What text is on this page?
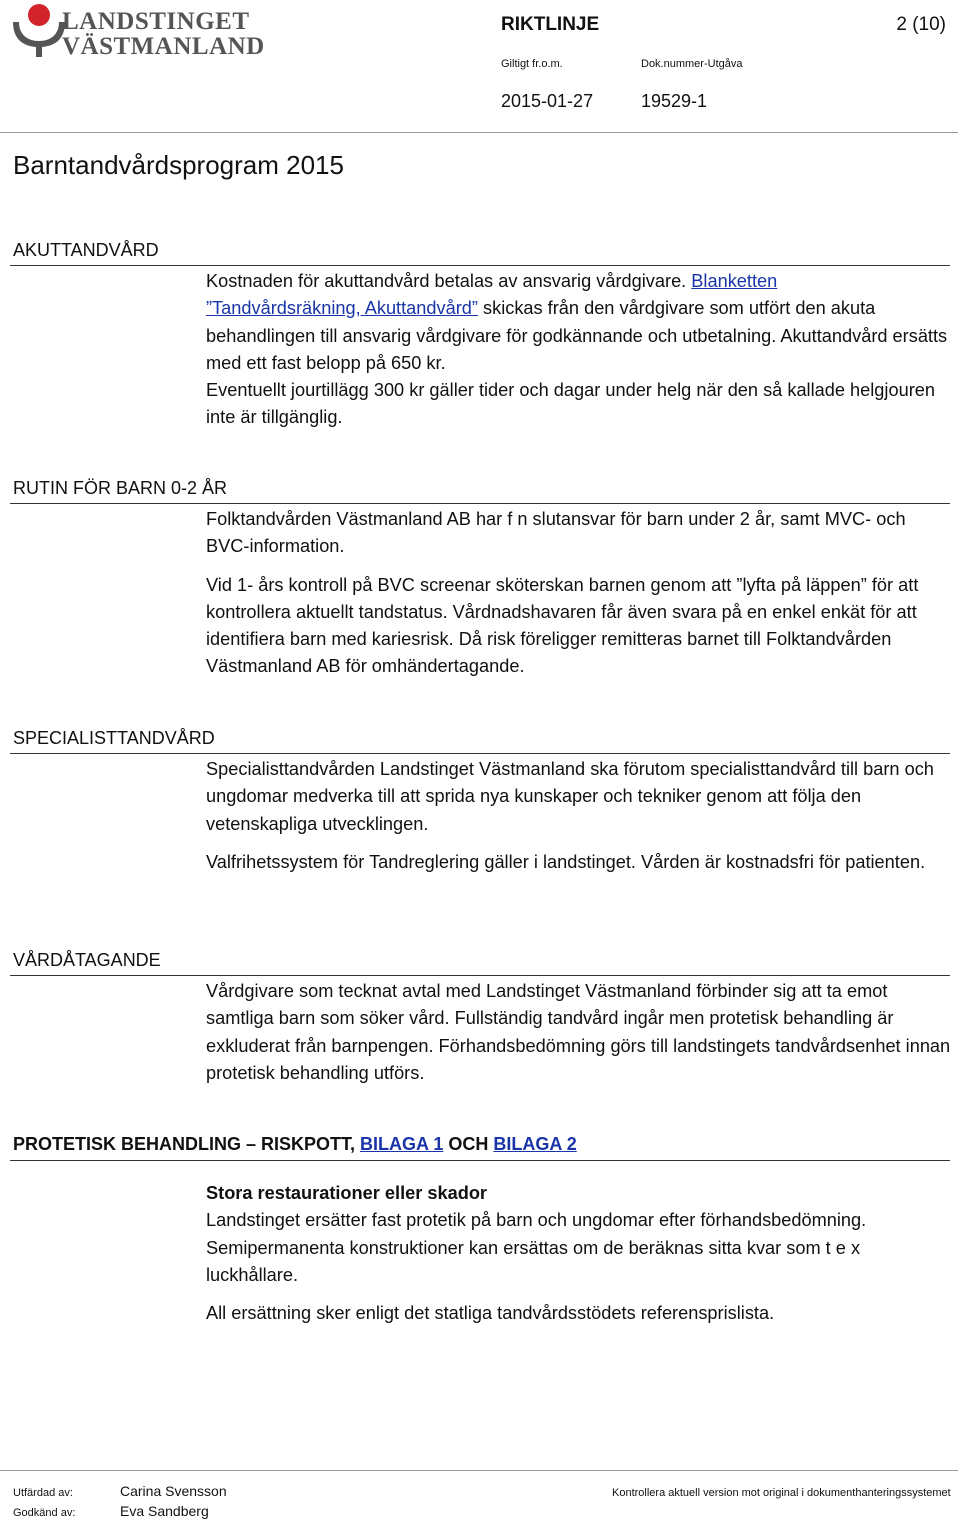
LANDSTINGET
VÄSTMANLAND
RIKTLINJE	2 (10)
Giltigt fr.o.m.	Dok.nummer-Utgåva
2015-01-27	19529-1
Barntandvårdsprogram 2015
AKUTTANDVÅRD

Kostnaden för akuttandvård betalas av ansvarig vårdgivare. Blanketten
”Tandvårdsräkning, Akuttandvård” skickas från den vårdgivare som utfört den akuta behandlingen till ansvarig vårdgivare för godkännande och utbetalning. Akuttandvård ersätts med ett fast belopp på 650 kr.

Eventuellt jourtillägg 300 kr gäller tider och dagar under helg när den så kallade helgjouren inte är tillgänglig.

RUTIN FÖR BARN 0-2 ÅR

Folktandvården Västmanland AB har f n slutansvar för barn under 2 år, samt MVC- och BVC-information.

Vid 1- års kontroll på BVC screenar sköterskan barnen genom att ”lyfta på läppen” för att kontrollera aktuellt tandstatus. Vårdnadshavaren får även svara på en enkel enkät för att identifiera barn med kariesrisk. Då risk föreligger remitteras barnet till Folktandvården Västmanland AB för omhändertagande.

SPECIALISTTANDVÅRD

Specialisttandvården Landstinget Västmanland ska förutom specialisttandvård till barn och ungdomar medverka till att sprida nya kunskaper och tekniker genom att följa den vetenskapliga utvecklingen.

Valfrihetssystem för Tandreglering gäller i landstinget. Vården är kostnadsfri för patienten.

VÅRDÅTAGANDE

Vårdgivare som tecknat avtal med Landstinget Västmanland förbinder sig att ta emot samtliga barn som söker vård. Fullständig tandvård ingår men protetisk behandling är exkluderat från barnpengen. Förhandsbedömning görs till landstingets tandvårdsenhet innan protetisk behandling utförs.

PROTETISK BEHANDLING – RISKPOTT, BILAGA 1 OCH BILAGA 2

Stora restaurationer eller skador
Landstinget ersätter fast protetik på barn och ungdomar efter förhandsbedömning. Semipermanenta konstruktioner kan ersättas om de beräknas sitta kvar som t e x luckhållare.

All ersättning sker enligt det statliga tandvårdsstödets referensprislista.

Utfärdad av:	Carina Svensson
Godkänd av:	Eva Sandberg
Kontrollera aktuell version mot original i dokumenthanteringssystemet
